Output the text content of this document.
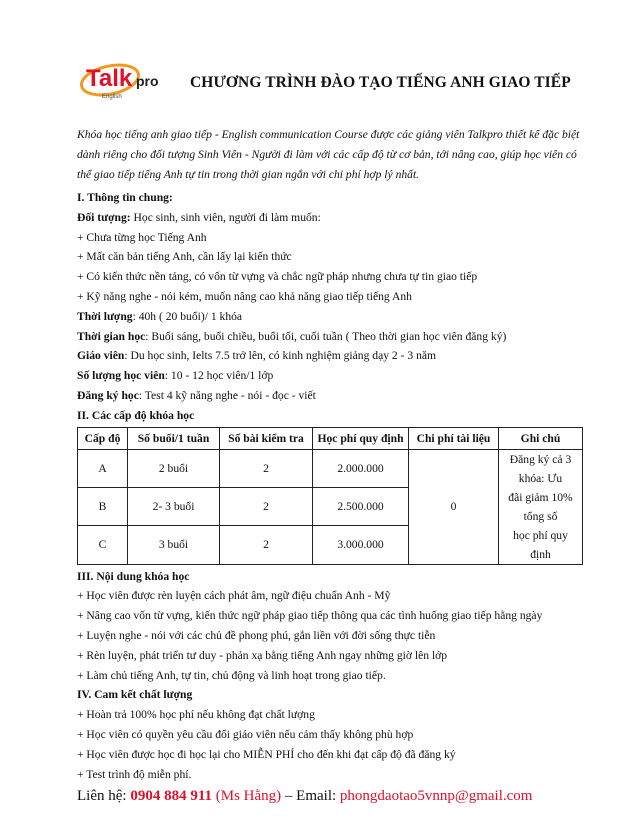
Talk pro
English
CHƯƠNG TRÌNH ĐÀO TẠO TIẾNG ANH GIAO TIẾP

Khóa học tiếng anh giao tiếp - English communication Course được các giảng viên Talkpro thiết kế đặc biệt dành riêng cho đối tượng Sinh Viên - Người đi làm với các cấp độ từ cơ bản, tới nâng cao, giúp học viên có thể giao tiếp tiếng Anh tự tin trong thời gian ngắn với chi phí hợp lý nhất.

I. Thông tin chung:
Đối tượng: Học sinh, sinh viên, người đi làm muốn:
+ Chưa từng học Tiếng Anh
+ Mất căn bản tiếng Anh, cần lấy lại kiến thức
+ Có kiến thức nền tảng, có vốn từ vựng và chắc ngữ pháp nhưng chưa tự tin giao tiếp
+ Kỹ năng nghe - nói kém, muốn nâng cao khả năng giao tiếp tiếng Anh
Thời lượng: 40h ( 20 buổi)/ 1 khóa
Thời gian học: Buổi sáng, buổi chiều, buổi tối, cuối tuần ( Theo thời gian học viên đăng ký)
Giáo viên: Du học sinh, Ielts 7.5 trở lên, có kinh nghiệm giảng dạy 2 - 3 năm
Số lượng học viên: 10 - 12 học viên/1 lớp
Đăng ký học: Test 4 kỹ năng nghe - nói - đọc - viết
II. Các cấp độ khóa học
Cấp độ	Số buổi/1 tuần	Số bài kiểm tra	Học phí quy định	Chi phí tài liệu	Ghi chú
A	2 buổi	2	2.000.000	0	Đăng ký cả 3 khóa: Ưu
đãi giảm 10% tổng số
học phí quy định

B	2- 3 buổi	2	2.500.000		
C	3 buổi	2	3.000.000		
III. Nội dung khóa học
+ Học viên được rèn luyện cách phát âm, ngữ điệu chuẩn Anh - Mỹ
+ Nâng cao vốn từ vựng, kiến thức ngữ pháp giao tiếp thông qua các tình huống giao tiếp hằng ngày
+ Luyện nghe - nói với các chủ đề phong phú, gắn liền với đời sống thực tiễn
+ Rèn luyện, phát triển tư duy - phản xạ bằng tiếng Anh ngay những giờ lên lớp
+ Làm chủ tiếng Anh, tự tin, chủ động và linh hoạt trong giao tiếp.
IV. Cam kết chất lượng
+ Hoàn trả 100% học phí nếu không đạt chất lượng
+ Học viên có quyền yêu cầu đổi giáo viên nếu cảm thấy không phù hợp
+ Học viên được học đi học lại cho MIỄN PHÍ cho đến khi đạt cấp độ đã đăng ký
+ Test trình độ miễn phí.
Liên hệ: 0904 884 911 (Ms Hằng) – Email: phongdaotao5vnnp@gmail.com
